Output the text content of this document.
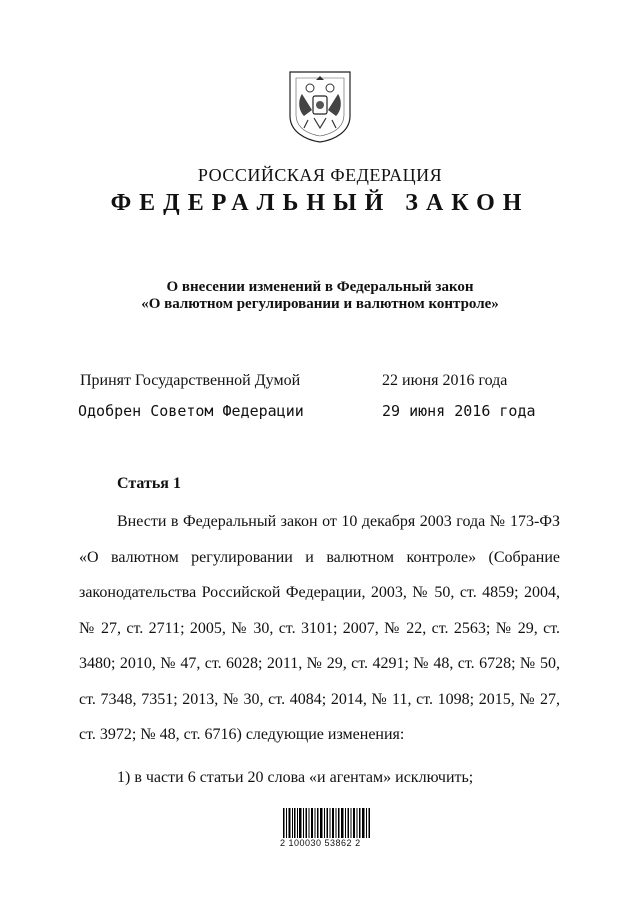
РОССИЙСКАЯ ФЕДЕРАЦИЯ
ФЕДЕРАЛЬНЫЙ ЗАКОН
О внесении изменений в Федеральный закон
«О валютном регулировании и валютном контроле»
Принят Государственной Думой	22 июня 2016 года
Одобрен Советом Федерации	29 июня 2016 года
Статья 1
Внести в Федеральный закон от 10 декабря 2003 года № 173-ФЗ «О валютном регулировании и валютном контроле» (Собрание законодательства Российской Федерации, 2003, № 50, ст. 4859; 2004, № 27, ст. 2711; 2005, № 30, ст. 3101; 2007, № 22, ст. 2563; № 29, ст. 3480; 2010, № 47, ст. 6028; 2011, № 29, ст. 4291; № 48, ст. 6728; № 50, ст. 7348, 7351; 2013, № 30, ст. 4084; 2014, № 11, ст. 1098; 2015, № 27, ст. 3972; № 48, ст. 6716) следующие изменения:
1) в части 6 статьи 20 слова «и агентам» исключить;
2 100030 53862 2
